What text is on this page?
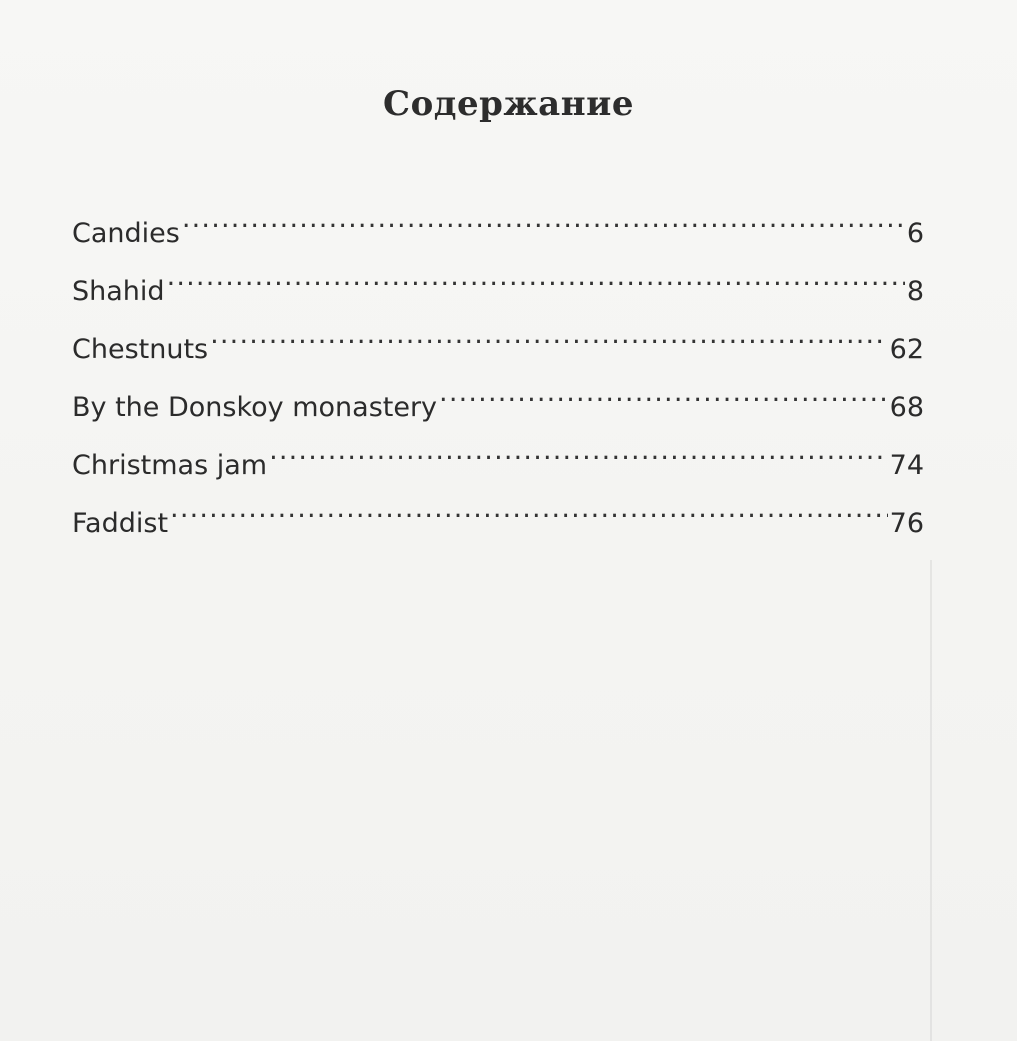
Содержание
Candies .....	6
Shahid .....	8
Chestnuts .....	62
By the Donskoy monastery .....	68
Christmas jam .....	74
Faddist .....	76
